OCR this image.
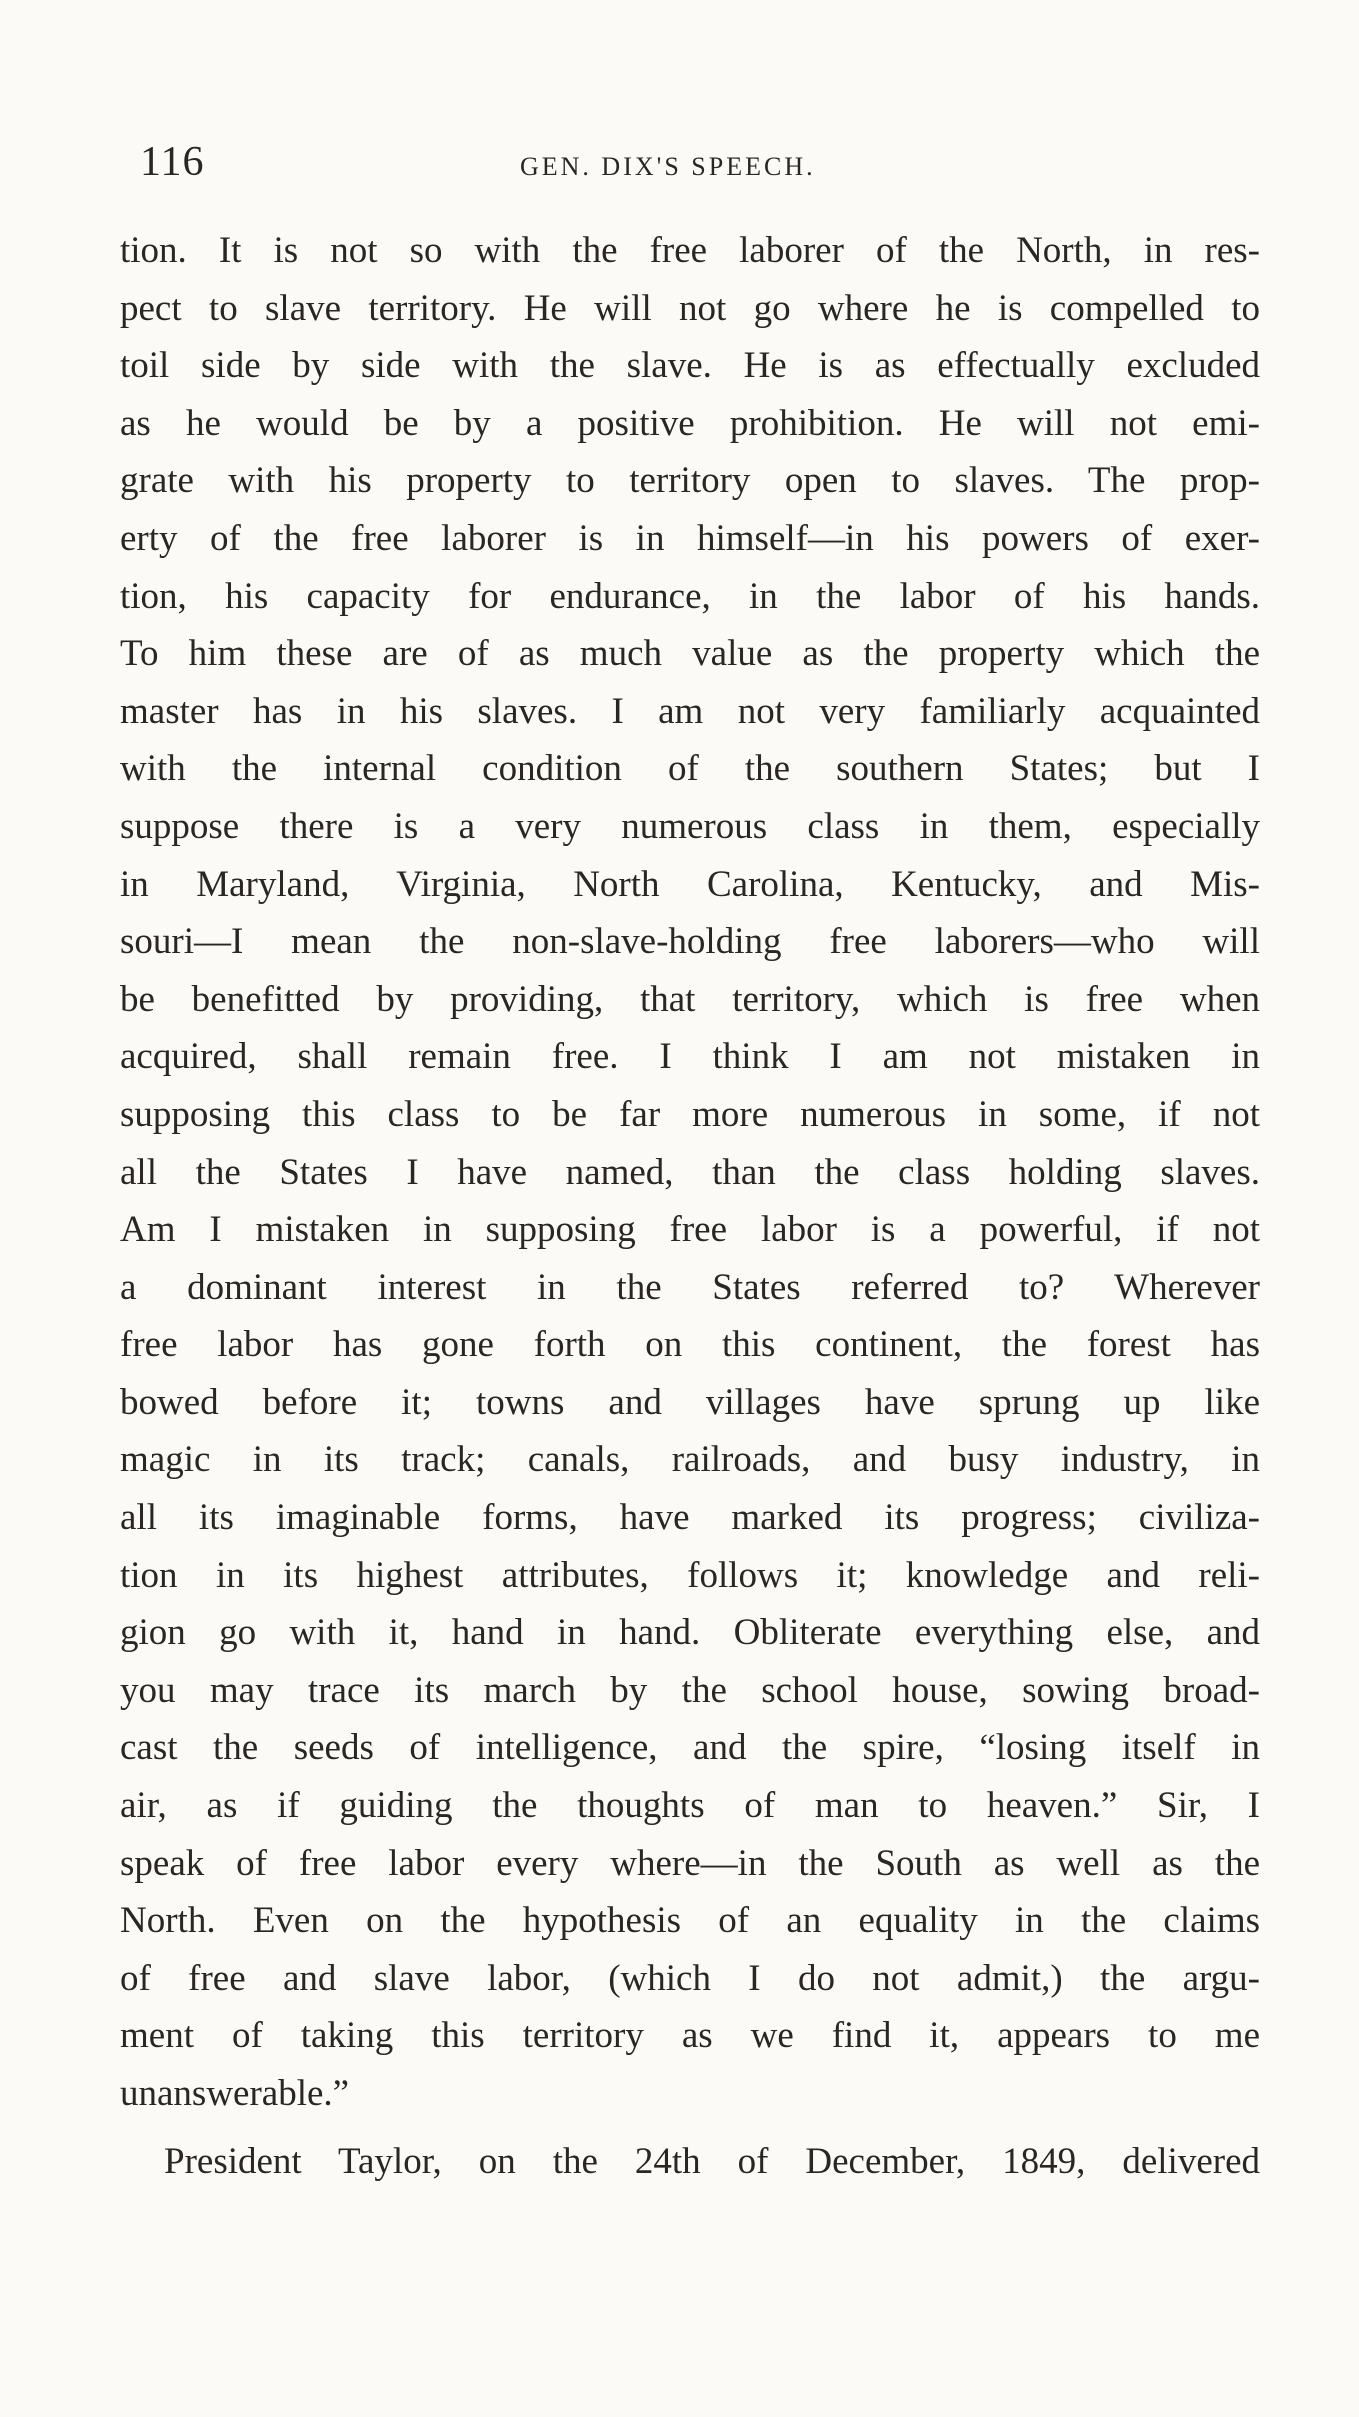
116	GEN. DIX'S SPEECH.
tion. It is not so with the free laborer of the North, in res-
pect to slave territory. He will not go where he is compelled to
toil side by side with the slave. He is as effectually excluded
as he would be by a positive prohibition. He will not emi-
grate with his property to territory open to slaves. The prop-
erty of the free laborer is in himself—in his powers of exer-
tion, his capacity for endurance, in the labor of his hands.
To him these are of as much value as the property which the
master has in his slaves. I am not very familiarly acquainted
with the internal condition of the southern States; but I
suppose there is a very numerous class in them, especially
in Maryland, Virginia, North Carolina, Kentucky, and Mis-
souri—I mean the non-slave-holding free laborers—who will
be benefitted by providing, that territory, which is free when
acquired, shall remain free. I think I am not mistaken in
supposing this class to be far more numerous in some, if not
all the States I have named, than the class holding slaves.
Am I mistaken in supposing free labor is a powerful, if not
a dominant interest in the States referred to? Wherever
free labor has gone forth on this continent, the forest has
bowed before it; towns and villages have sprung up like
magic in its track; canals, railroads, and busy industry, in
all its imaginable forms, have marked its progress; civiliza-
tion in its highest attributes, follows it; knowledge and reli-
gion go with it, hand in hand. Obliterate everything else, and
you may trace its march by the school house, sowing broad-
cast the seeds of intelligence, and the spire, “losing itself in
air, as if guiding the thoughts of man to heaven.” Sir, I
speak of free labor every where—in the South as well as the
North. Even on the hypothesis of an equality in the claims
of free and slave labor, (which I do not admit,) the argu-
ment of taking this territory as we find it, appears to me
unanswerable.”
President Taylor, on the 24th of December, 1849, delivered
